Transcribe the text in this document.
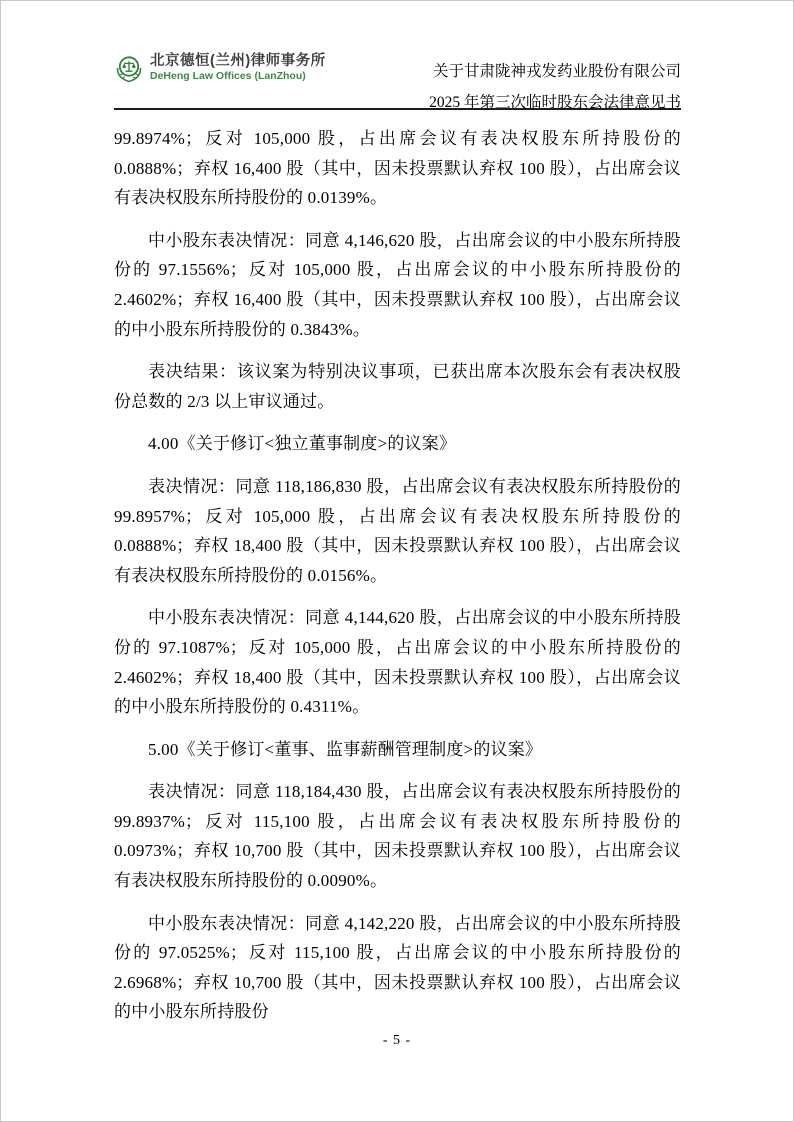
北京德恒(兰州)律师事务所
DeHeng Law Offices (LanZhou)	关于甘肃陇神戎发药业股份有限公司
2025 年第三次临时股东会法律意见书

99.8974%；反对 105,000 股，占出席会议有表决权股东所持股份的 0.0888%；弃权 16,400 股（其中，因未投票默认弃权 100 股），占出席会议有表决权股东所持股份的 0.0139%。

中小股东表决情况：同意 4,146,620 股，占出席会议的中小股东所持股份的 97.1556%；反对 105,000 股，占出席会议的中小股东所持股份的 2.4602%；弃权 16,400 股（其中，因未投票默认弃权 100 股），占出席会议的中小股东所持股份的 0.3843%。

表决结果：该议案为特别决议事项，已获出席本次股东会有表决权股份总数的 2/3 以上审议通过。

4.00《关于修订<独立董事制度>的议案》

表决情况：同意 118,186,830 股，占出席会议有表决权股东所持股份的 99.8957%；反对 105,000 股，占出席会议有表决权股东所持股份的 0.0888%；弃权 18,400 股（其中，因未投票默认弃权 100 股），占出席会议有表决权股东所持股份的 0.0156%。

中小股东表决情况：同意 4,144,620 股，占出席会议的中小股东所持股份的 97.1087%；反对 105,000 股，占出席会议的中小股东所持股份的 2.4602%；弃权 18,400 股（其中，因未投票默认弃权 100 股），占出席会议的中小股东所持股份的 0.4311%。

5.00《关于修订<董事、监事薪酬管理制度>的议案》

表决情况：同意 118,184,430 股，占出席会议有表决权股东所持股份的 99.8937%；反对 115,100 股，占出席会议有表决权股东所持股份的 0.0973%；弃权 10,700 股（其中，因未投票默认弃权 100 股），占出席会议有表决权股东所持股份的 0.0090%。

中小股东表决情况：同意 4,142,220 股，占出席会议的中小股东所持股份的 97.0525%；反对 115,100 股，占出席会议的中小股东所持股份的 2.6968%；弃权 10,700 股（其中，因未投票默认弃权 100 股），占出席会议的中小股东所持股份

- 5 -
